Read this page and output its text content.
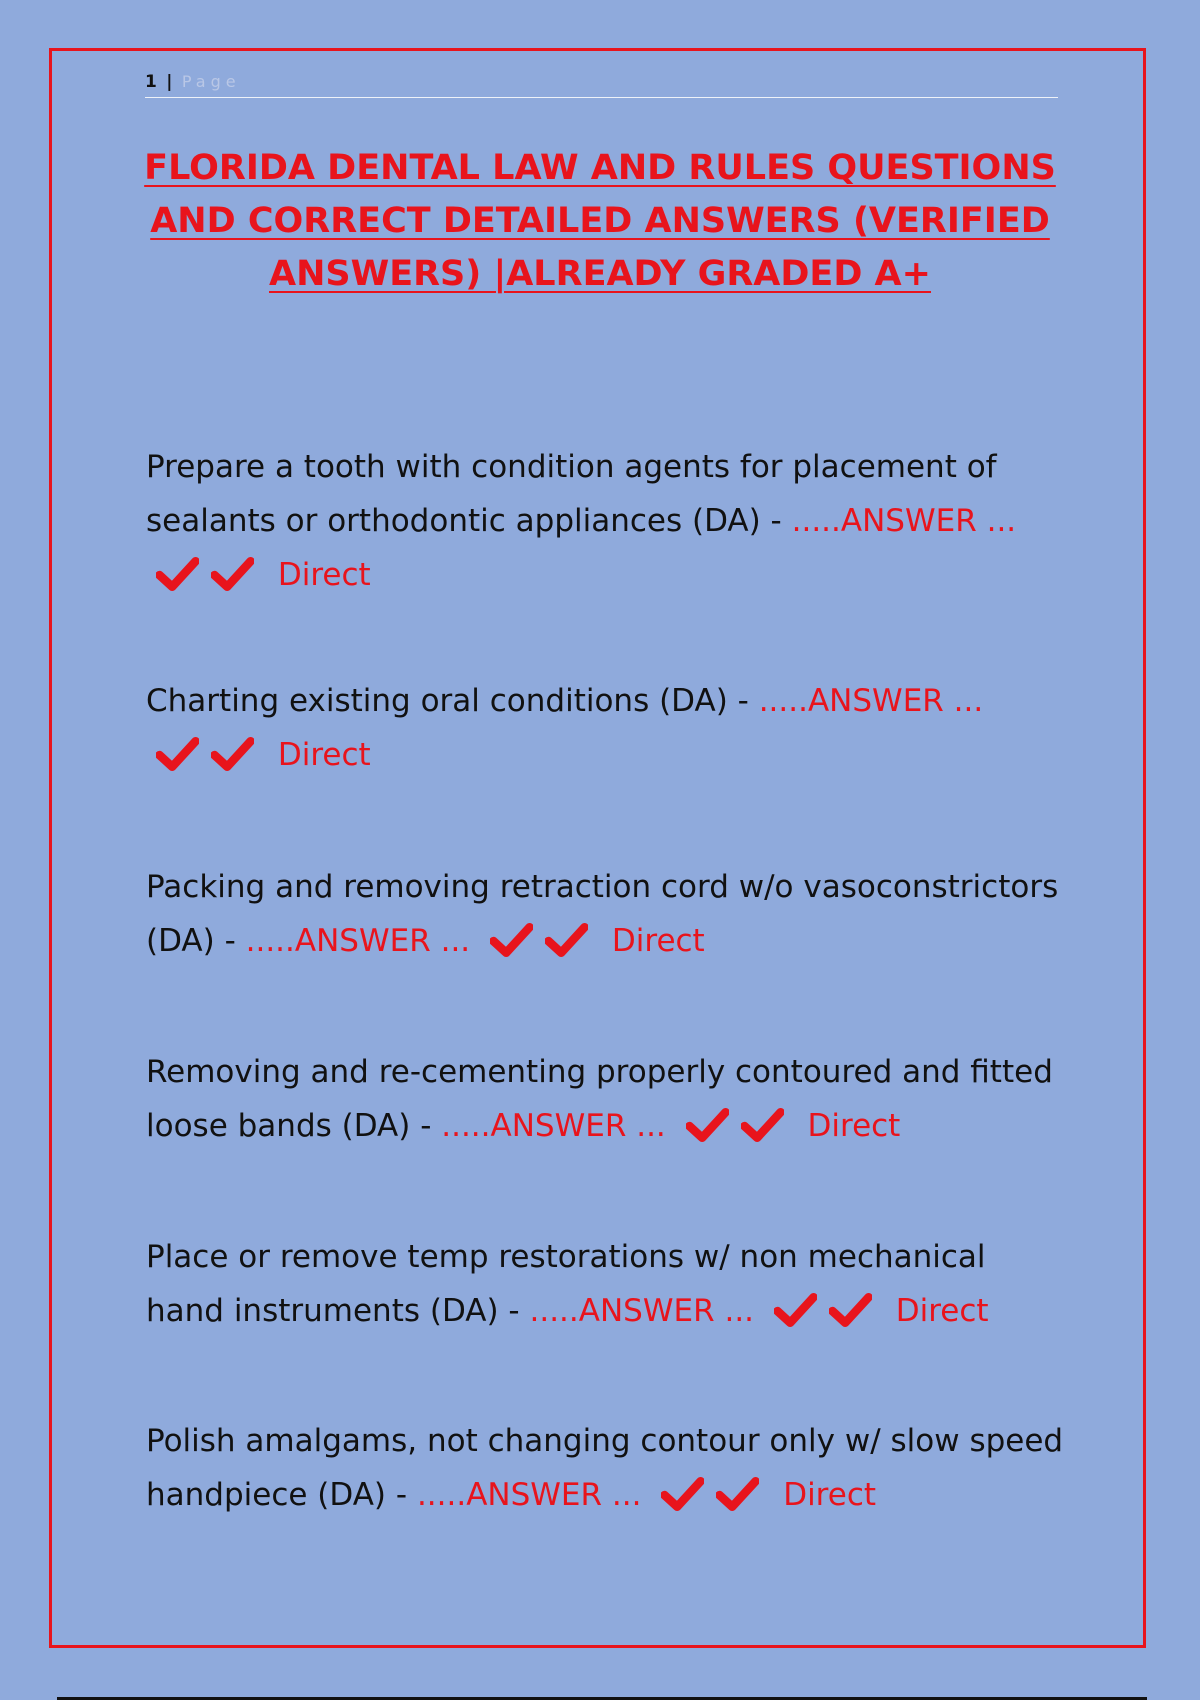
1 | Page
FLORIDA DENTAL LAW AND RULES QUESTIONS AND CORRECT DETAILED ANSWERS (VERIFIED ANSWERS) |ALREADY GRADED A+

Prepare a tooth with condition agents for placement of sealants or orthodontic appliances (DA) - .....ANSWER ...
Direct

Charting existing oral conditions (DA) - .....ANSWER ...
Direct

Packing and removing retraction cord w/o vasoconstrictors (DA) - .....ANSWER ...	Direct

Removing and re-cementing properly contoured and fitted loose bands (DA) - .....ANSWER ...	Direct

Place or remove temp restorations w/ non mechanical hand instruments (DA) - .....ANSWER ...	Direct

Polish amalgams, not changing contour only w/ slow speed handpiece (DA) - .....ANSWER ...	Direct
